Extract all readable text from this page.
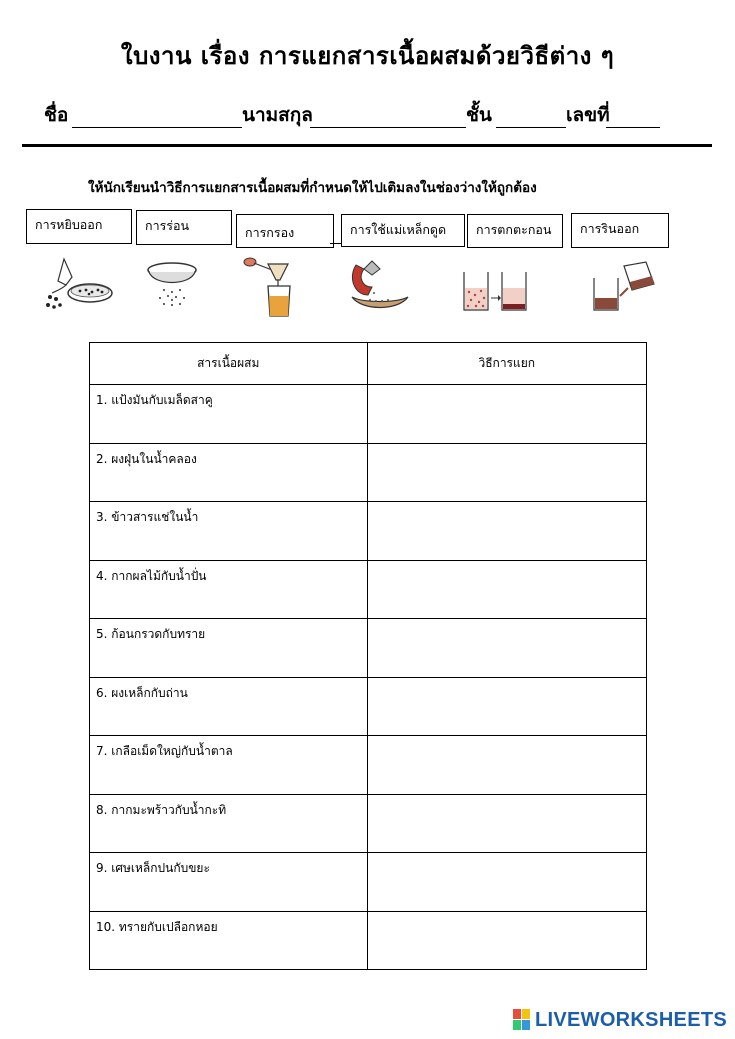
ใบงาน เรื่อง การแยกสารเนื้อผสมด้วยวิธีต่าง ๆ
ชื่อ	นามสกุล	ชั้น	เลขที่
ให้นักเรียนนำวิธีการแยกสารเนื้อผสมที่กำหนดให้ไปเติมลงในช่องว่างให้ถูกต้อง
การหยิบออก	การร่อน	การกรอง	การใช้แม่เหล็กดูด	การตกตะกอน	การรินออก
สารเนื้อผสม	วิธีการแยก
1. แป้งมันกับเมล็ดสาคู	
2. ผงฝุ่นในน้ำคลอง	
3. ข้าวสารแช่ในน้ำ	
4. กากผลไม้กับน้ำปั่น	
5. ก้อนกรวดกับทราย	
6. ผงเหล็กกับถ่าน	
7. เกลือเม็ดใหญ่กับน้ำตาล	
8. กากมะพร้าวกับน้ำกะทิ	
9. เศษเหล็กปนกับขยะ	
10. ทรายกับเปลือกหอย	
LIVEWORKSHEETS
